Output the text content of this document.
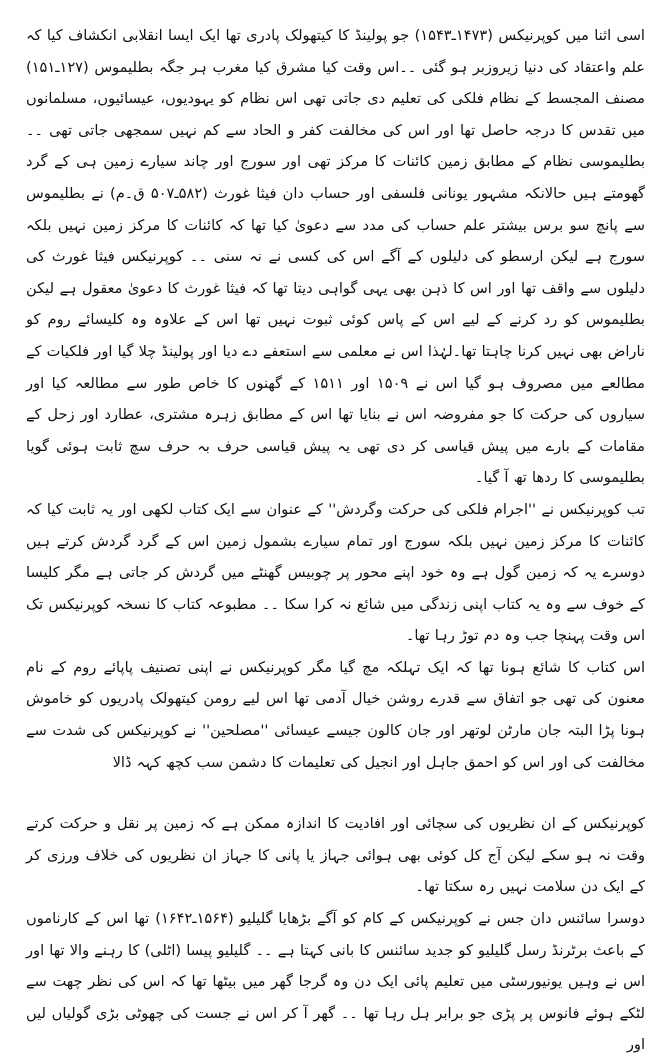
اسی اثنا میں کوپرنیکس (۱۴۷۳ـ۱۵۴۳) جو پولینڈ کا کیتھولک پادری تھا ایک ایسا انقلابی انکشاف کیا کہ علم واعتقاد کی دنیا زیروزبر ہو گئی ۔۔اس وقت کیا مشرق کیا مغرب ہر جگہ بطلیموس (۱۲۷ـ۱۵۱) مصنف المجسط کے نظام فلکی کی تعلیم دی جاتی تھی اس نظام کو یہودیوں، عیسائیوں، مسلمانوں میں تقدس کا درجہ حاصل تھا اور اس کی مخالفت کفر و الحاد سے کم نہیں سمجھی جاتی تھی ۔۔ بطلیموسی نظام کے مطابق زمین کائنات کا مرکز تھی اور سورج اور چاند سیارے زمین ہی کے گرد گھومتے ہیں حالانکہ مشہور یونانی فلسفی اور حساب دان فیثا غورث (۵۸۲ـ۵۰۷ ق۔م) نے بطلیموس سے پانچ سو برس بیشتر علم حساب کی مدد سے دعویٰ کیا تھا کہ کائنات کا مرکز زمین نہیں بلکہ سورج ہے لیکن ارسطو کی دلیلوں کے آگے اس کی کسی نے نہ سنی ۔۔ کوپرنیکس فیثا غورث کی دلیلوں سے واقف تھا اور اس کا ذہن بھی یہی گواہی دیتا تھا کہ فیثا غورث کا دعویٰ معقول ہے لیکن بطلیموس کو رد کرنے کے لیے اس کے پاس کوئی ثبوت نہیں تھا اس کے علاوہ وہ کلیسائے روم کو ناراض بھی نہیں کرنا چاہتا تھا۔لہٰذا اس نے معلمی سے استعفے دے دیا اور پولینڈ چلا گیا اور فلکیات کے مطالعے میں مصروف ہو گیا اس نے ۱۵۰۹ اور ۱۵۱۱ کے گھنوں کا خاص طور سے مطالعہ کیا اور سیاروں کی حرکت کا جو مفروضہ اس نے بنایا تھا اس کے مطابق زہرہ مشتری، عطارد اور زحل کے مقامات کے بارے میں پیش قیاسی کر دی تھی یہ پیش قیاسی حرف بہ حرف سچ ثابت ہوئی گویا بطلیموسی کا ردھا تھ آ گیا۔

تب کوپرنیکس نے ''اجرام فلکی کی حرکت وگردش'' کے عنوان سے ایک کتاب لکھی اور یہ ثابت کیا کہ کائنات کا مرکز زمین نہیں بلکہ سورج اور تمام سیارے بشمول زمین اس کے گرد گردش کرتے ہیں دوسرے یہ کہ زمین گول ہے وہ خود اپنے محور پر چوبیس گھنٹے میں گردش کر جاتی ہے مگر کلیسا کے خوف سے وہ یہ کتاب اپنی زندگی میں شائع نہ کرا سکا ۔۔ مطبوعہ کتاب کا نسخہ کوپرنیکس تک اس وقت پہنچا جب وہ دم توڑ رہا تھا۔

اس کتاب کا شائع ہونا تھا کہ ایک تہلکہ مچ گیا مگر کوپرنیکس نے اپنی تصنیف پاپائے روم کے نام معنون کی تھی جو اتفاق سے قدرے روشن خیال آدمی تھا اس لیے رومن کیتھولک پادریوں کو خاموش ہونا پڑا البتہ جان مارٹن لوتھر اور جان کالون جیسے عیسائی ''مصلحین'' نے کوپرنیکس کی شدت سے مخالفت کی اور اس کو احمق جاہل اور انجیل کی تعلیمات کا دشمن سب کچھ کہہ ڈالا

کوپرنیکس کے ان نظریوں کی سچائی اور افادیت کا اندازہ ممکن ہے کہ زمین پر نقل و حرکت کرتے وقت نہ ہو سکے لیکن آج کل کوئی بھی ہوائی جہاز یا پانی کا جہاز ان نظریوں کی خلاف ورزی کر کے ایک دن سلامت نہیں رہ سکتا تھا۔

دوسرا سائنس دان جس نے کوپرنیکس کے کام کو آگے بڑھایا گلیلیو (۱۵۶۴ـ۱۶۴۲) تھا اس کے کارناموں کے باعث برٹرنڈ رسل گلیلیو کو جدید سائنس کا بانی کہتا ہے ۔۔ گلیلیو پیسا (اٹلی) کا رہنے والا تھا اور اس نے وہیں یونیورسٹی میں تعلیم پائی ایک دن وہ گرجا گھر میں بیٹھا تھا کہ اس کی نظر چھت سے لٹکے ہوئے فانوس پر پڑی جو برابر ہل رہا تھا ۔۔ گھر آ کر اس نے جست کی چھوٹی بڑی گولیاں لیں اور
